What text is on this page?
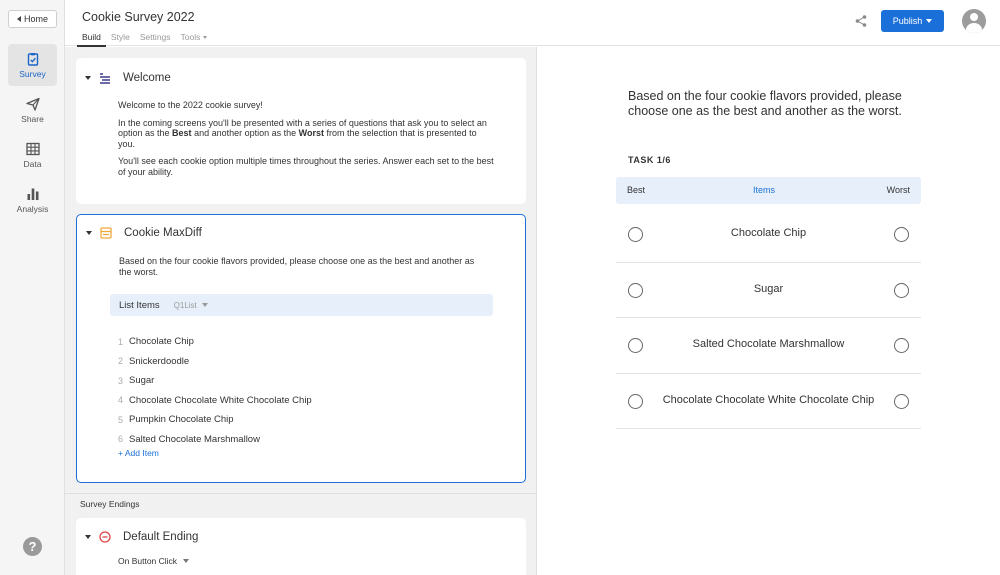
Home
Survey
Share
Data
Analysis
?
Cookie Survey 2022
Build	Style	Settings	Tools
Publish
Welcome

Welcome to the 2022 cookie survey!

In the coming screens you'll be presented with a series of questions that ask you to select an option as the Best and another option as the Worst from the selection that is presented to you.

You'll see each cookie option multiple times throughout the series. Answer each set to the best of your ability.

Cookie MaxDiff
Based on the four cookie flavors provided, please choose one as the best and another as the worst.
List Items Q1List
1 Chocolate Chip
2 Snickerdoodle
3 Sugar
4 Chocolate Chocolate White Chocolate Chip
5 Pumpkin Chocolate Chip
6 Salted Chocolate Marshmallow
+ Add Item
Survey Endings
Default Ending
On Button Click
Based on the four cookie flavors provided, please choose one as the best and another as the worst.
TASK 1/6
Best	Items	Worst
Chocolate Chip
Sugar
Salted Chocolate Marshmallow
Chocolate Chocolate White Chocolate Chip
